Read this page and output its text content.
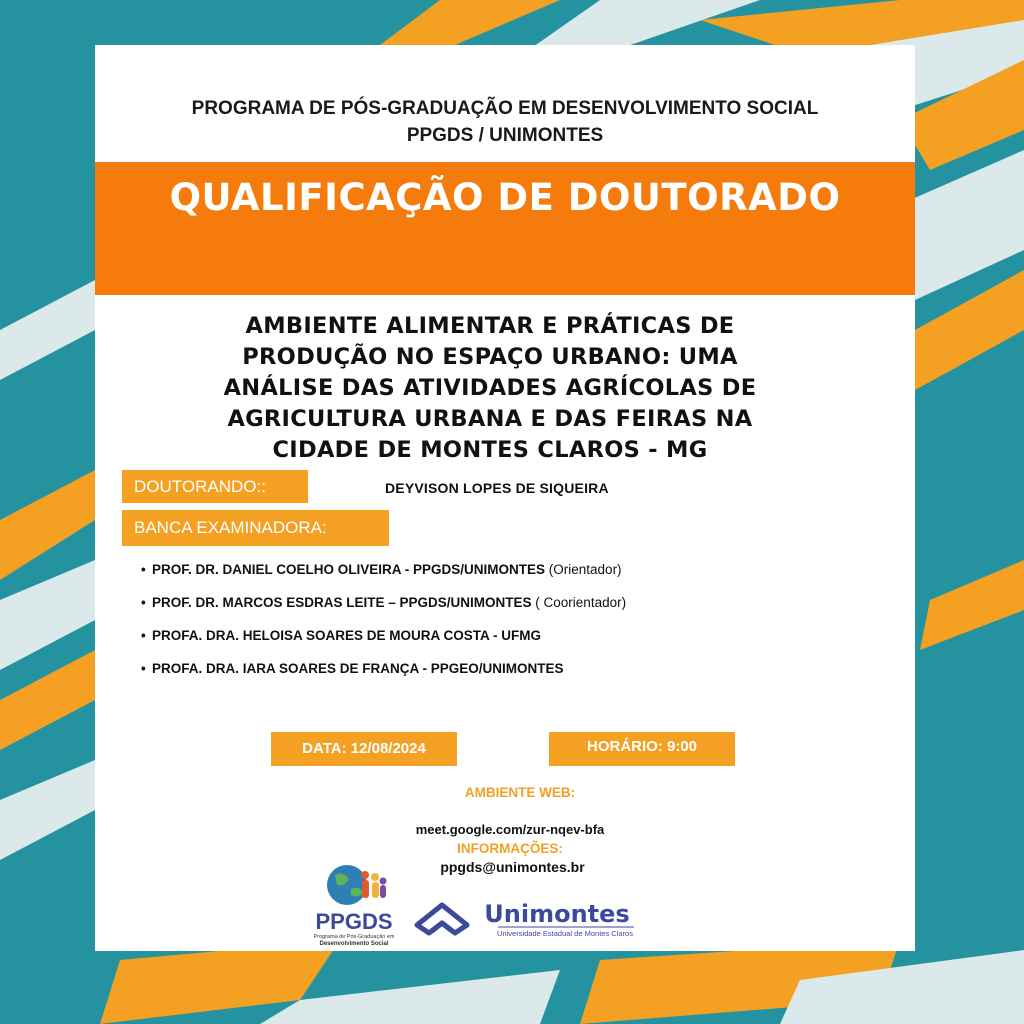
PROGRAMA DE PÓS-GRADUAÇÃO EM DESENVOLVIMENTO SOCIAL
PPGDS / UNIMONTES
QUALIFICAÇÃO DE DOUTORADO
AMBIENTE ALIMENTAR E PRÁTICAS DE
PRODUÇÃO NO ESPAÇO URBANO: UMA
ANÁLISE DAS ATIVIDADES AGRÍCOLAS DE
AGRICULTURA URBANA E DAS FEIRAS NA
CIDADE DE MONTES CLAROS - MG
DOUTORANDO::	DEYVISON LOPES DE SIQUEIRA
BANCA EXAMINADORA:
• PROF. DR. DANIEL COELHO OLIVEIRA - PPGDS/UNIMONTES (Orientador)
• PROF. DR. MARCOS ESDRAS LEITE – PPGDS/UNIMONTES ( Coorientador)
• PROFA. DRA. HELOISA SOARES DE MOURA COSTA - UFMG
• PROFA. DRA. IARA SOARES DE FRANÇA - PPGEO/UNIMONTES
DATA: 12/08/2024	HORÁRIO: 9:00
AMBIENTE WEB:
meet.google.com/zur-nqev-bfa
INFORMAÇÕES:
ppgds@unimontes.br
PPGDS
Programa de Pós-Graduação em
Desenvolvimento Social
Unimontes
Universidade Estadual de Montes Claros
